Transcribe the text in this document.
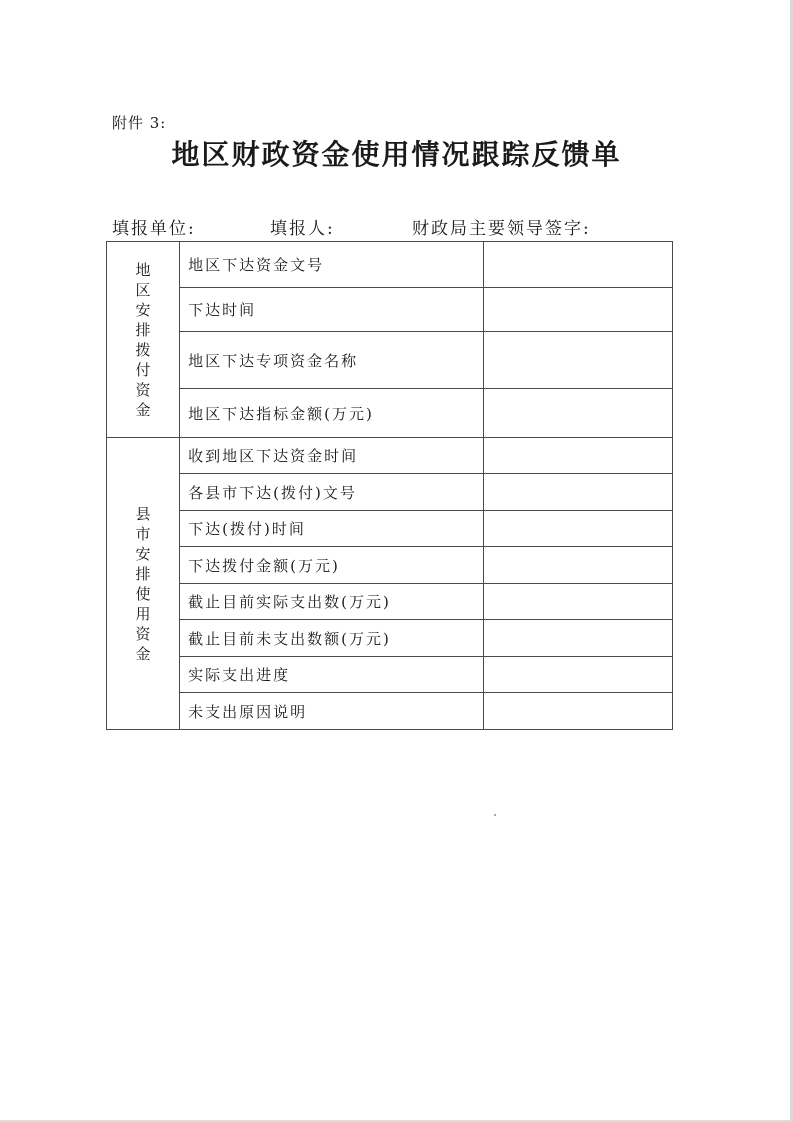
附件 3:
地区财政资金使用情况跟踪反馈单
填报单位:	填报人:	财政局主要领导签字:
地区安排拨付资金	地区下达资金文号	
	下达时间	
	地区下达专项资金名称	
	地区下达指标金额(万元)	
县市安排使用资金	收到地区下达资金时间	
	各县市下达(拨付)文号	
	下达(拨付)时间	
	下达拨付金额(万元)	
	截止目前实际支出数(万元)	
	截止目前未支出数额(万元)	
	实际支出进度	
	未支出原因说明	
